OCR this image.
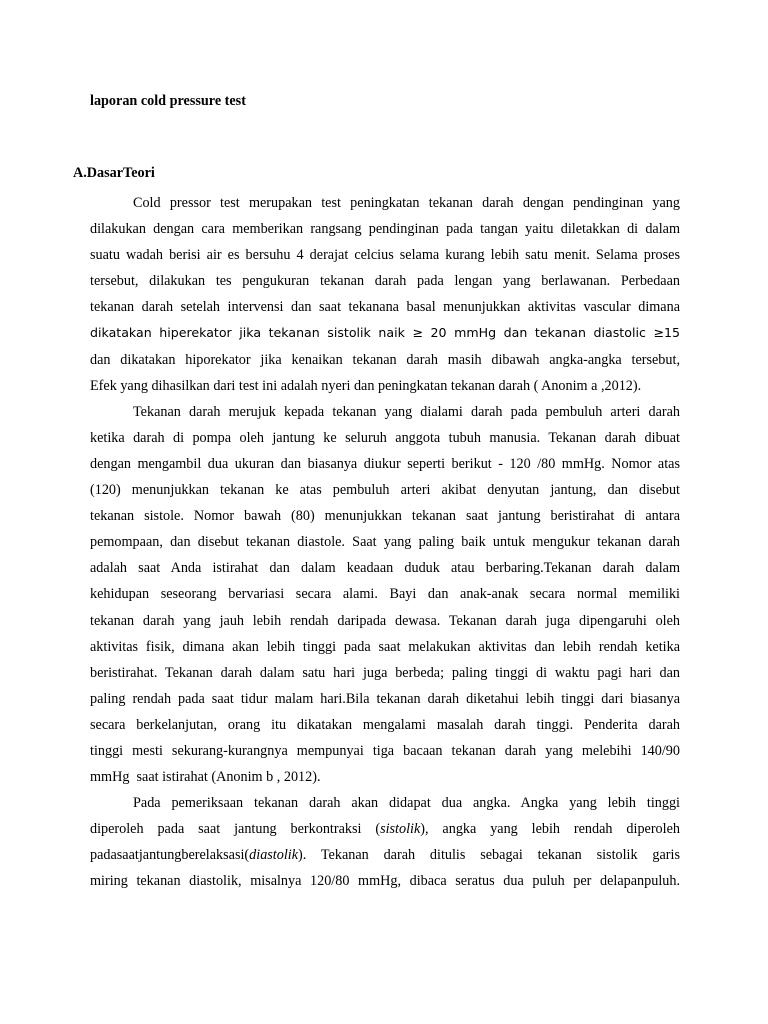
laporan cold pressure test
A.DasarTeori
Cold pressor test merupakan test peningkatan tekanan darah dengan pendinginan yang
dilakukan dengan cara memberikan rangsang pendinginan pada tangan yaitu diletakkan di dalam
suatu wadah berisi air es bersuhu 4 derajat celcius selama kurang lebih satu menit. Selama proses
tersebut, dilakukan tes pengukuran tekanan darah pada lengan yang berlawanan. Perbedaan
tekanan darah setelah intervensi dan saat tekanana basal menunjukkan aktivitas vascular dimana
dikatakan hiperekator jika tekanan sistolik naik ≥ 20 mmHg dan tekanan diastolic ≥15
dan dikatakan hiporekator jika kenaikan tekanan darah masih dibawah angka-angka tersebut,
Efek yang dihasilkan dari test ini adalah nyeri dan peningkatan tekanan darah ( Anonim a ,2012).
Tekanan darah merujuk kepada tekanan yang dialami darah pada pembuluh arteri darah
ketika darah di pompa oleh jantung ke seluruh anggota tubuh manusia. Tekanan darah dibuat
dengan mengambil dua ukuran dan biasanya diukur seperti berikut - 120 /80 mmHg. Nomor atas
(120) menunjukkan tekanan ke atas pembuluh arteri akibat denyutan jantung, dan disebut
tekanan sistole. Nomor bawah (80) menunjukkan tekanan saat jantung beristirahat di antara
pemompaan, dan disebut tekanan diastole. Saat yang paling baik untuk mengukur tekanan darah
adalah saat Anda istirahat dan dalam keadaan duduk atau berbaring.Tekanan darah dalam
kehidupan seseorang bervariasi secara alami. Bayi dan anak-anak secara normal memiliki
tekanan darah yang jauh lebih rendah daripada dewasa. Tekanan darah juga dipengaruhi oleh
aktivitas fisik, dimana akan lebih tinggi pada saat melakukan aktivitas dan lebih rendah ketika
beristirahat. Tekanan darah dalam satu hari juga berbeda; paling tinggi di waktu pagi hari dan
paling rendah pada saat tidur malam hari.Bila tekanan darah diketahui lebih tinggi dari biasanya
secara berkelanjutan, orang itu dikatakan mengalami masalah darah tinggi. Penderita darah
tinggi mesti sekurang-kurangnya mempunyai tiga bacaan tekanan darah yang melebihi 140/90
mmHg  saat istirahat (Anonim b , 2012).
Pada pemeriksaan tekanan darah akan didapat dua angka. Angka yang lebih tinggi
diperoleh pada saat jantung berkontraksi (sistolik), angka yang lebih rendah diperoleh
padasaatjantungberelaksasi(diastolik). Tekanan darah ditulis sebagai tekanan sistolik garis
miring tekanan diastolik, misalnya 120/80 mmHg, dibaca seratus dua puluh per delapanpuluh.
